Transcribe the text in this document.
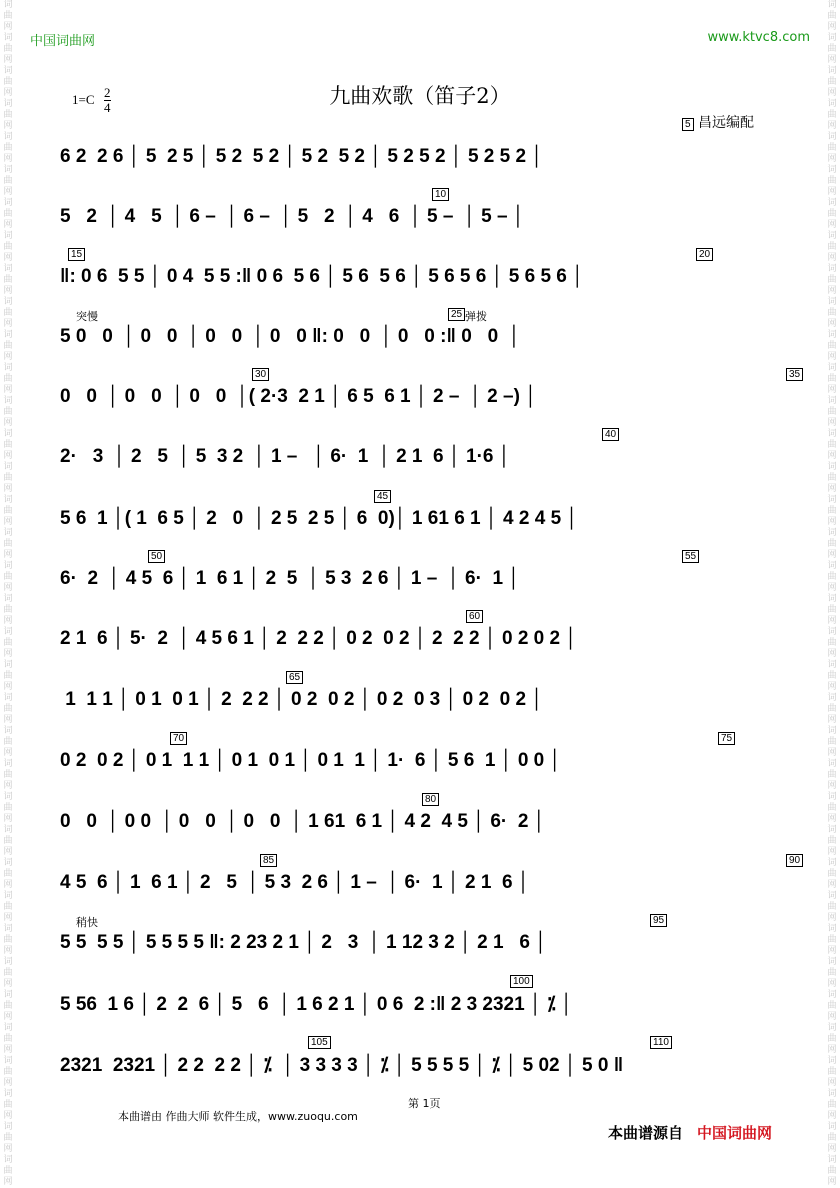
词
曲
网
词
曲
网
词
曲
网
词
曲
网
词
曲
网
词
曲
网
词
曲
网
词
曲
网
词
曲
网
词
曲
网
词
曲
网
词
曲
网
词
曲
网
词
曲
网
词
曲
网
词
曲
网
词
曲
网
词
曲
网
词
曲
网
词
曲
网
词
曲
网
词
曲
网
词
曲
网
词
曲
网
词
曲
网
词
曲
网
词
曲
网
词
曲
网
词
曲
网
词
曲
网
词
曲
网
词
曲
网
词
曲
网
词
曲
网
词
曲
网
词
曲
网
词
曲
网
词
曲
网
词
曲
网
词
曲
网
词
曲
网
词
曲
网
词
曲
网
词
曲
网
词
曲
网
词
曲
网
词
曲
网
词
曲
网
词
曲
网
词
曲
网
词
曲
网
词
曲
网
词
曲
网
词
曲
网
词
曲
网
词
曲
网
词
曲
网
词
曲
网
词
曲
网
词
曲
网
词
曲
网
词
曲
网
词
曲
网
词
曲
网
词
曲
网
词
曲
网
词
曲
网
词
曲
网
词
曲
网
词
曲
网
词
曲
网
词
曲
网
中国词曲网	www.ktvc8.com
$1=C \frac{2}{4}$	九曲欢歌（笛子2）
5 昌远编配
6 2  2 6 │ 5  2 5 │ 5 2  5 2 │ 5 2  5 2 │ 5 2 5 2 │ 5 2 5 2 │
10
5   2  │ 4   5  │ 6 –  │ 6 –  │ 5   2  │ 4   6  │ 5 –  │ 5 – │
15	20
‖: 0 6  5 5 │ 0 4  5 5 :‖ 0 6  5 6 │ 5 6  5 6 │ 5 6 5 6 │ 5 6 5 6 │
25
突慢	弹拨
5 0   0  │ 0   0  │ 0   0  │ 0   0 ‖: 0   0  │ 0   0 :‖ 0   0  │
30	35
0   0  │ 0   0  │ 0   0  │( 2·3  2 1 │ 6 5  6 1 │ 2 –  │ 2 –) │
40
2·   3  │ 2   5  │ 5  3 2  │ 1 –   │ 6·  1  │ 2 1  6 │ 1·6 │
45
5 6  1 │( 1  6 5 │ 2   0  │ 2 5  2 5 │ 6  0)│ 1 61 6 1 │ 4 2 4 5 │
50	55
6·  2  │ 4 5  6 │ 1  6 1 │ 2  5  │ 5 3  2 6 │ 1 –  │ 6·  1 │
60
2 1  6 │ 5·  2  │ 4 5 6 1 │ 2  2 2 │ 0 2  0 2 │ 2  2 2 │ 0 2 0 2 │
65
1  1 1 │ 0 1  0 1 │ 2  2 2 │ 0 2  0 2 │ 0 2  0 3 │ 0 2  0 2 │
70	75
0 2  0 2 │ 0 1  1 1 │ 0 1  0 1 │ 0 1  1 │ 1·  6 │ 5 6  1 │ 0 0 │
80
0   0  │ 0 0  │ 0   0  │ 0   0  │ 1 61  6 1 │ 4 2  4 5 │ 6·  2 │
85	90
4 5  6 │ 1  6 1 │ 2   5  │ 5 3  2 6 │ 1 –  │ 6·  1 │ 2 1  6 │
95
稍快
5 5  5 5 │ 5 5 5 5 ‖: 2 23 2 1 │ 2   3  │ 1 12 3 2 │ 2 1   6 │
100
5 56  1 6 │ 2  2  6 │ 5   6  │ 1 6 2 1 │ 0 6  2 :‖ 2 3 2321 │ ⁒ │
105	110
2321  2321 │ 2 2  2 2 │ ⁒  │ 3 3 3 3 │ ⁒ │ 5 5 5 5 │ ⁒ │ 5 02 │ 5 0 ‖
第 1页
本曲谱由 作曲大师 软件生成，www.zuoqu.com
本曲谱源自 中国词曲网
